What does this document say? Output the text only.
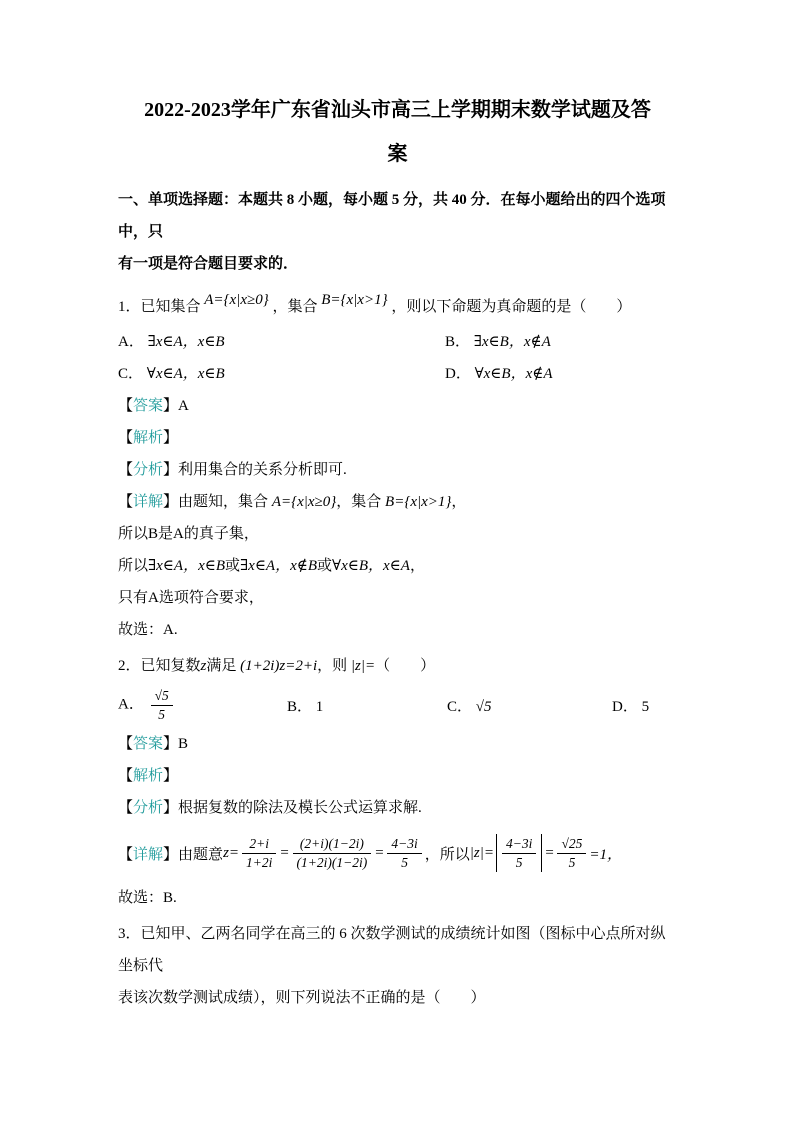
2022-2023学年广东省汕头市高三上学期期末数学试题及答
案
一、单项选择题：本题共 8 小题，每小题 5 分，共 40 分．在每小题给出的四个选项中，只
有一项是符合题目要求的．
1．已知集合 A={x|x≥0} ，集合 B={x|x>1} ，则以下命题为真命题的是（　　）
A． ∃x∈A，x∈B	B． ∃x∈B，x∉A
C． ∀x∈A，x∈B	D． ∀x∈B，x∉A
【答案】A
【解析】
【分析】利用集合的关系分析即可.
【详解】由题知，集合 A={x|x≥0}，集合 B={x|x>1}，
所以B是A的真子集，
所以∃x∈A，x∈B或∃x∈A，x∉B或∀x∈B，x∈A，
只有A选项符合要求，
故选：A.
2．已知复数z满足 (1+2i)z=2+i，则 |z|=（　　）
A． $\frac{√5}{5}$	B． 1	C． √5	D． 5
【答案】B
【解析】
【分析】根据复数的除法及模长公式运算求解.
【 详解 】 由题意 $z= \frac{2+i}{1+2i} = \frac{(2+i)(1-2i)}{(1+2i)(1-2i)} = \frac{4-3i}{5}$ ，所以 $|z|= \frac{4-3i}{5} = \frac{√25}{5} =1$，
故选：B.
3．已知甲、乙两名同学在高三的 6 次数学测试的成绩统计如图（图标中心点所对纵坐标代
表该次数学测试成绩），则下列说法不正确的是（　　）
